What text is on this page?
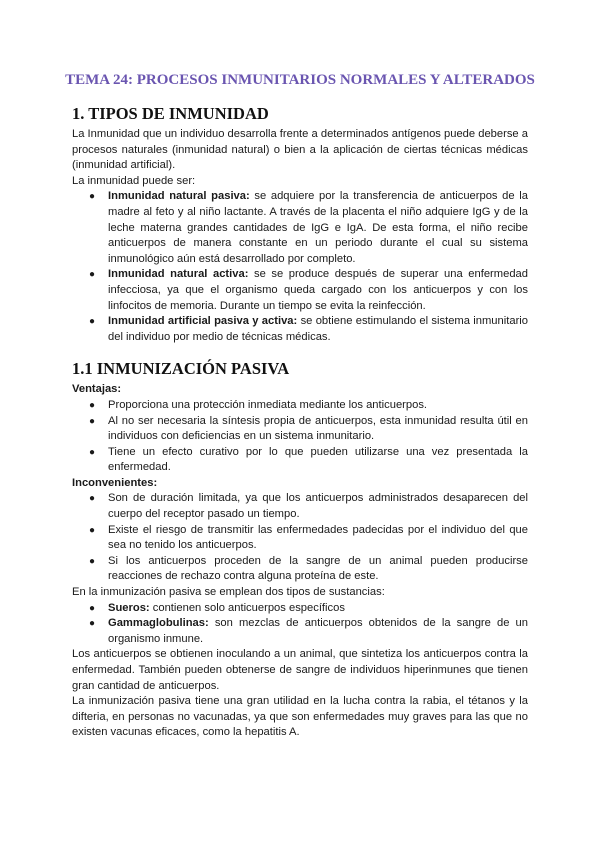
TEMA 24: PROCESOS INMUNITARIOS NORMALES Y ALTERADOS
1. TIPOS DE INMUNIDAD

La Inmunidad que un individuo desarrolla frente a determinados antígenos puede deberse a procesos naturales (inmunidad natural) o bien a la aplicación de ciertas técnicas médicas (inmunidad artificial).

La inmunidad puede ser:

● Inmunidad natural pasiva: se adquiere por la transferencia de anticuerpos de la madre al feto y al niño lactante. A través de la placenta el niño adquiere IgG y de la leche materna grandes cantidades de IgG e IgA. De esta forma, el niño recibe anticuerpos de manera constante en un periodo durante el cual su sistema inmunológico aún está desarrollado por completo.
● Inmunidad natural activa: se se produce después de superar una enfermedad infecciosa, ya que el organismo queda cargado con los anticuerpos y con los linfocitos de memoria. Durante un tiempo se evita la reinfección.
● Inmunidad artificial pasiva y activa: se obtiene estimulando el sistema inmunitario del individuo por medio de técnicas médicas.
1.1 INMUNIZACIÓN PASIVA

Ventajas:

● Proporciona una protección inmediata mediante los anticuerpos.
● Al no ser necesaria la síntesis propia de anticuerpos, esta inmunidad resulta útil en individuos con deficiencias en un sistema inmunitario.
● Tiene un efecto curativo por lo que pueden utilizarse una vez presentada la enfermedad.

Inconvenientes:

● Son de duración limitada, ya que los anticuerpos administrados desaparecen del cuerpo del receptor pasado un tiempo.
● Existe el riesgo de transmitir las enfermedades padecidas por el individuo del que sea no tenido los anticuerpos.
● Si los anticuerpos proceden de la sangre de un animal pueden producirse reacciones de rechazo contra alguna proteína de este.

En la inmunización pasiva se emplean dos tipos de sustancias:

● Sueros: contienen solo anticuerpos específicos
● Gammaglobulinas: son mezclas de anticuerpos obtenidos de la sangre de un organismo inmune.

Los anticuerpos se obtienen inoculando a un animal, que sintetiza los anticuerpos contra la enfermedad. También pueden obtenerse de sangre de individuos hiperinmunes que tienen gran cantidad de anticuerpos.

La inmunización pasiva tiene una gran utilidad en la lucha contra la rabia, el tétanos y la difteria, en personas no vacunadas, ya que son enfermedades muy graves para las que no existen vacunas eficaces, como la hepatitis A.
